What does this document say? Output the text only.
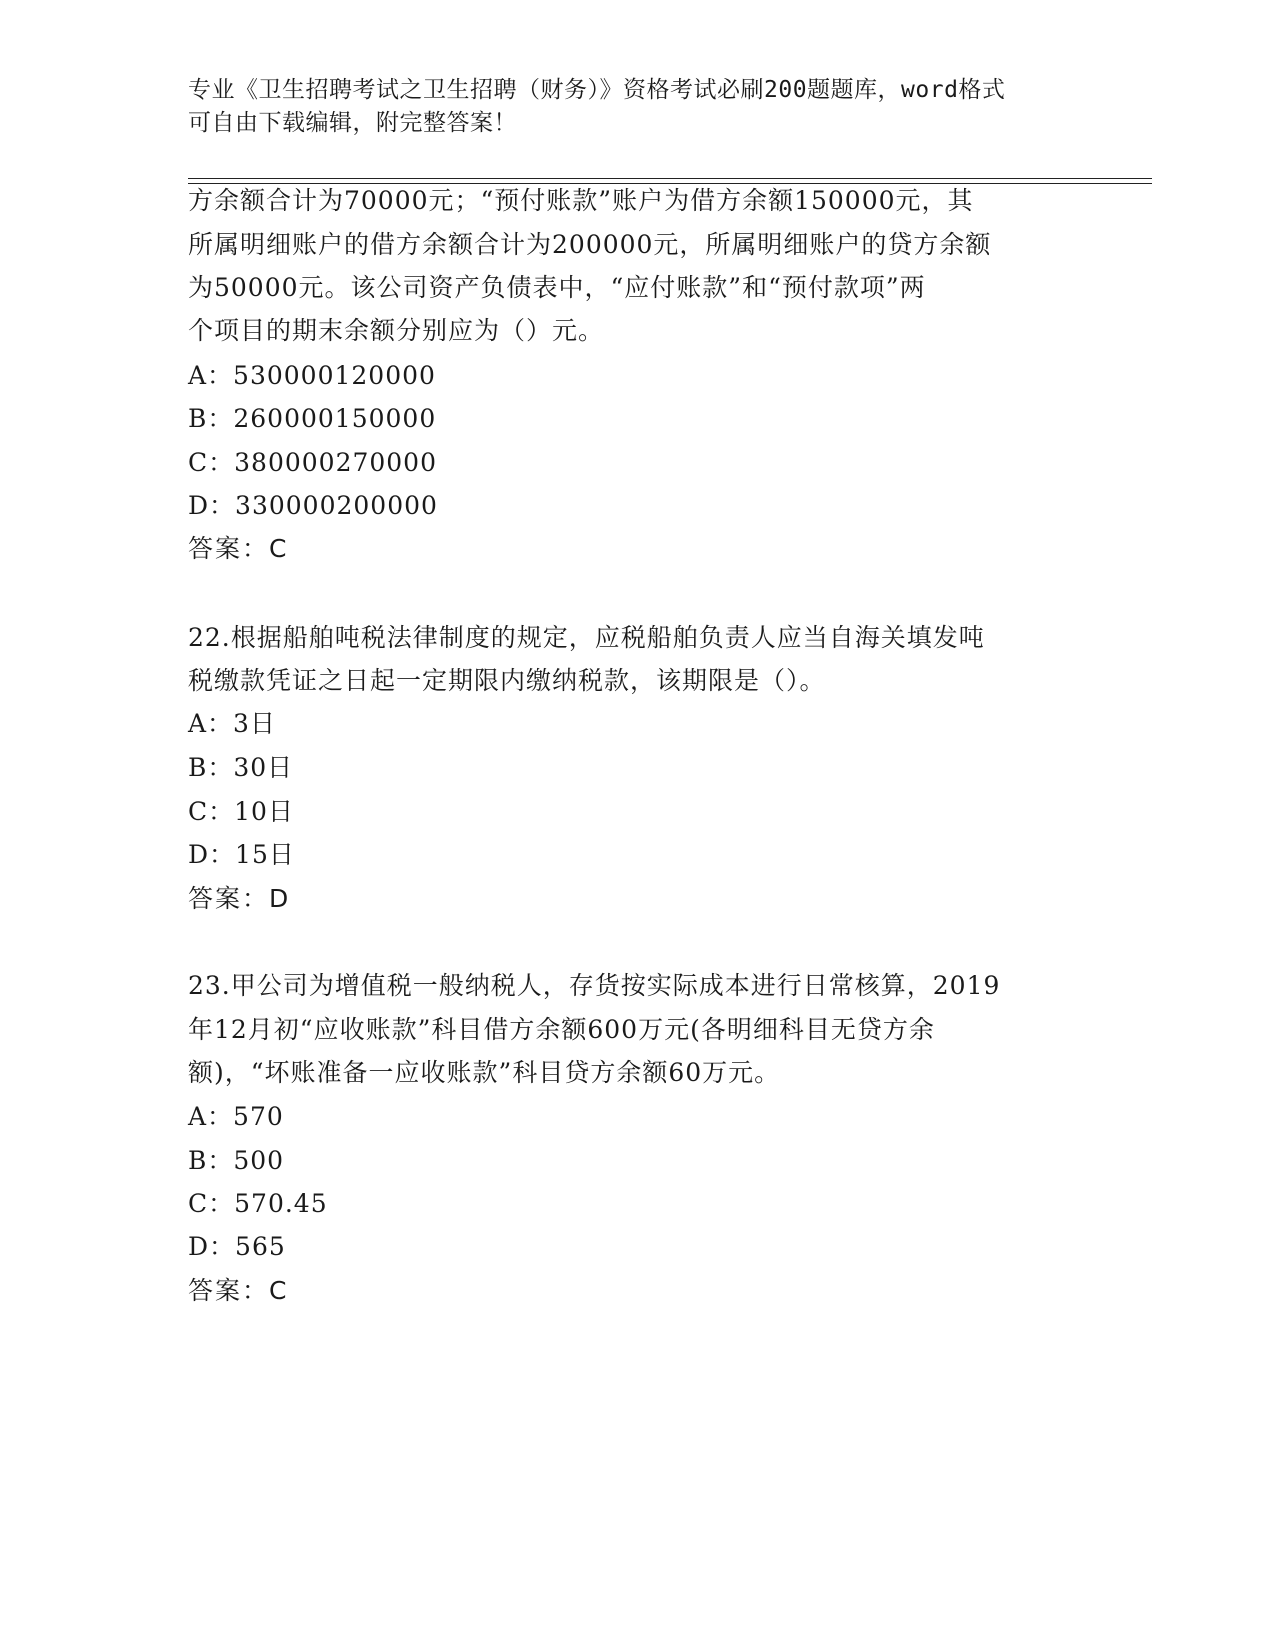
专业《卫生招聘考试之卫生招聘（财务）》资格考试必刷200题题库，word格式
可自由下载编辑，附完整答案！
方余额合计为70000元；“预付账款”账户为借方余额150000元，其
所属明细账户的借方余额合计为200000元，所属明细账户的贷方余额
为50000元。该公司资产负债表中，“应付账款”和“预付款项”两
个项目的期末余额分别应为（）元。
A：530000120000
B：260000150000
C：380000270000
D：330000200000
答案：C
22.根据船舶吨税法律制度的规定，应税船舶负责人应当自海关填发吨
税缴款凭证之日起一定期限内缴纳税款，该期限是（）。
A：3日
B：30日
C：10日
D：15日
答案：D
23.甲公司为增值税一般纳税人，存货按实际成本进行日常核算，2019
年12月初“应收账款”科目借方余额600万元(各明细科目无贷方余
额)，“坏账准备一应收账款”科目贷方余额60万元。
A：570
B：500
C：570.45
D：565
答案：C
